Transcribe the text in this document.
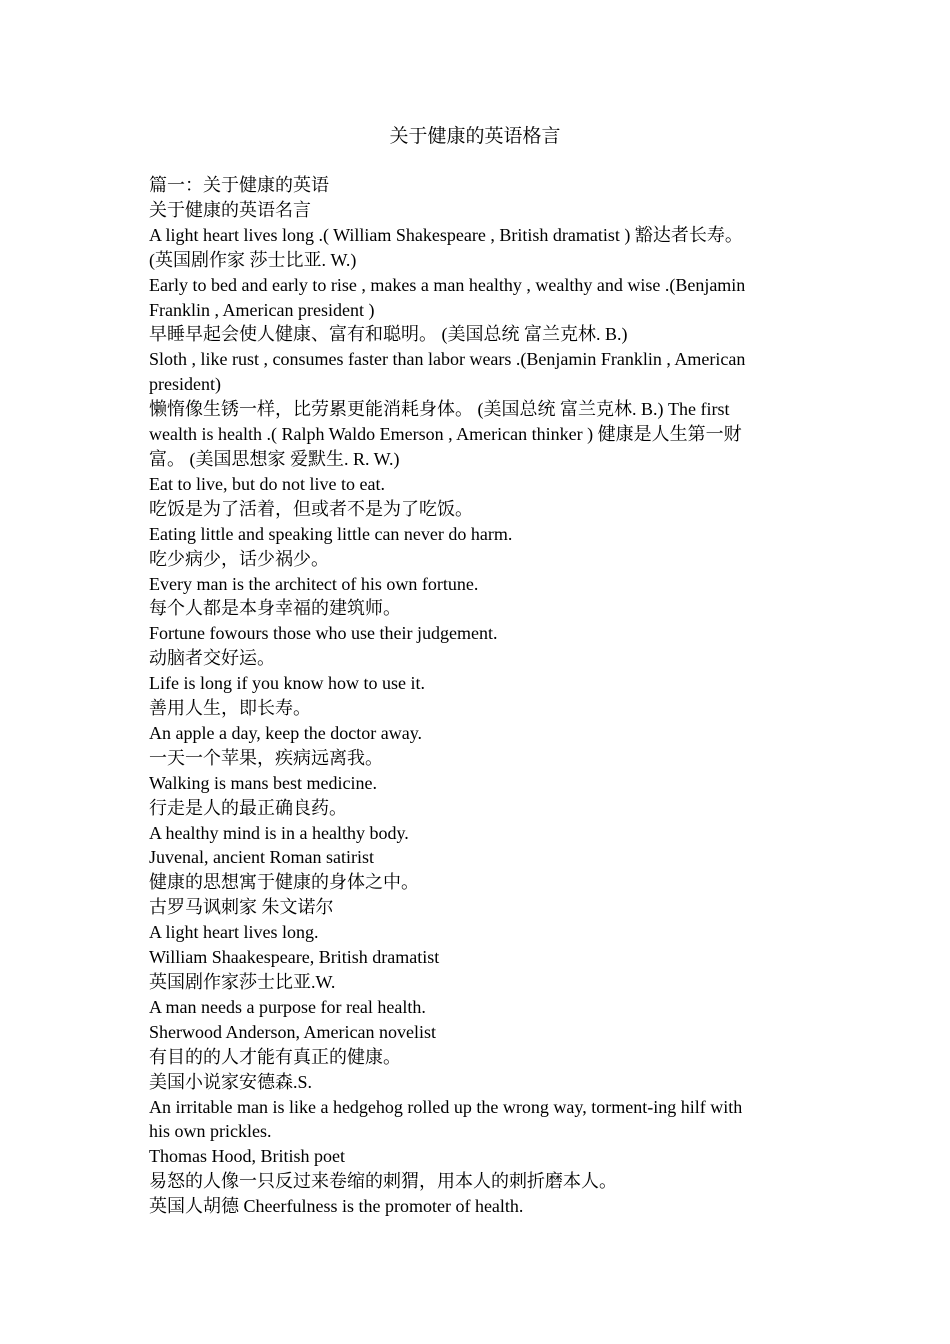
关于健康的英语格言

篇一：关于健康的英语

关于健康的英语名言

A light heart lives long .( William Shakespeare , British dramatist ) 豁达者长寿。

(英国剧作家 莎士比亚. W.)

Early to bed and early to rise , makes a man healthy , wealthy and wise .(Benjamin

Franklin , American president )

早睡早起会使人健康、富有和聪明。 (美国总统 富兰克林. B.)

Sloth , like rust , consumes faster than labor wears .(Benjamin Franklin , American

president)

懒惰像生锈一样，比劳累更能消耗身体。 (美国总统 富兰克林. B.) The first

wealth is health .( Ralph Waldo Emerson , American thinker ) 健康是人生第一财

富。 (美国思想家 爱默生. R. W.)

Eat to live, but do not live to eat.

吃饭是为了活着，但或者不是为了吃饭。

Eating little and speaking little can never do harm.

吃少病少，话少祸少。

Every man is the architect of his own fortune.

每个人都是本身幸福的建筑师。

Fortune fowours those who use their judgement.

动脑者交好运。

Life is long if you know how to use it.

善用人生，即长寿。

An apple a day, keep the doctor away.

一天一个苹果，疾病远离我。

Walking is mans best medicine.

行走是人的最正确良药。

A healthy mind is in a healthy body.

Juvenal, ancient Roman satirist

健康的思想寓于健康的身体之中。

古罗马讽刺家 朱文诺尔

A light heart lives long.

William Shaakespeare, British dramatist

英国剧作家莎士比亚.W.

A man needs a purpose for real health.

Sherwood Anderson, American novelist

有目的的人才能有真正的健康。

美国小说家安德森.S.

An irritable man is like a hedgehog rolled up the wrong way, torment-ing hilf with

his own prickles.

Thomas Hood, British poet

易怒的人像一只反过来卷缩的刺猬，用本人的刺折磨本人。

英国人胡德 Cheerfulness is the promoter of health.
